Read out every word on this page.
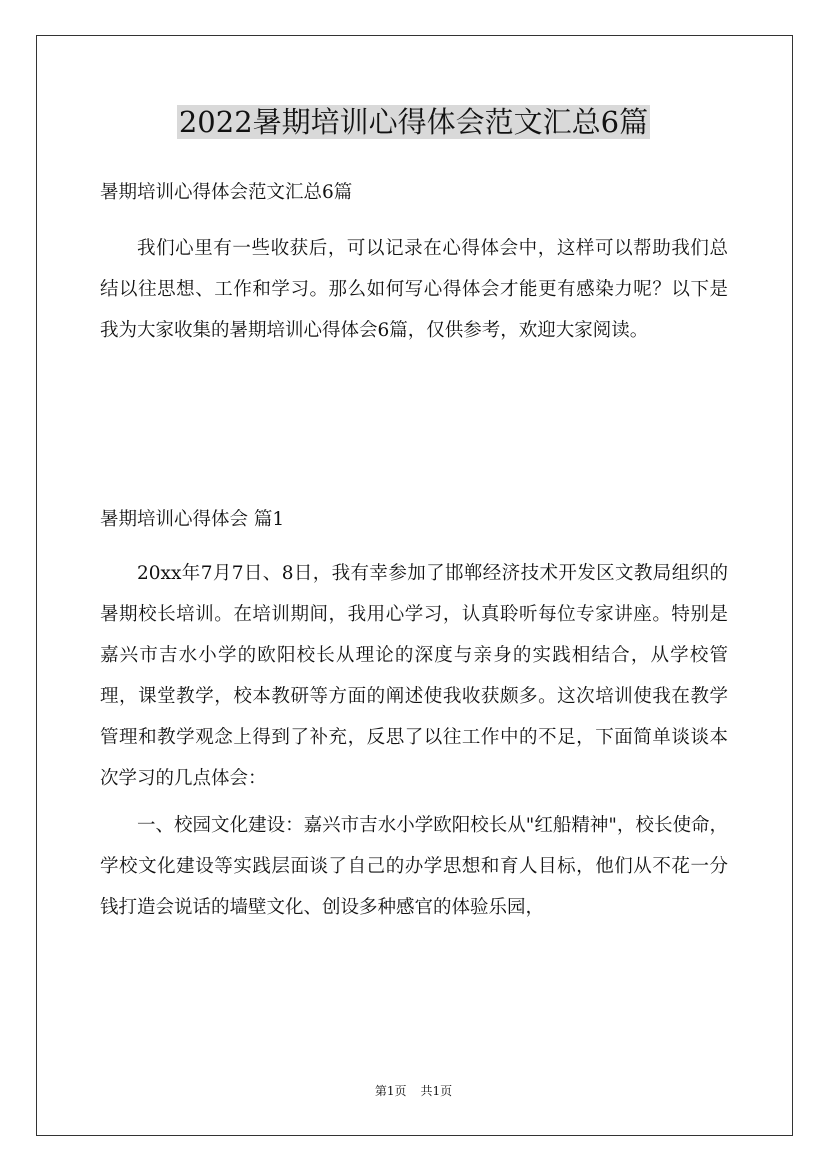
2022暑期培训心得体会范文汇总6篇

暑期培训心得体会范文汇总6篇

我们心里有一些收获后，可以记录在心得体会中，这样可以帮助我们总结以往思想、工作和学习。那么如何写心得体会才能更有感染力呢？以下是我为大家收集的暑期培训心得体会6篇，仅供参考，欢迎大家阅读。

暑期培训心得体会 篇1

20xx年7月7日、8日，我有幸参加了邯郸经济技术开发区文教局组织的暑期校长培训。在培训期间，我用心学习，认真聆听每位专家讲座。特别是嘉兴市吉水小学的欧阳校长从理论的深度与亲身的实践相结合，从学校管理，课堂教学，校本教研等方面的阐述使我收获颇多。这次培训使我在教学管理和教学观念上得到了补充，反思了以往工作中的不足，下面简单谈谈本次学习的几点体会：

一、校园文化建设：嘉兴市吉水小学欧阳校长从"红船精神"，校长使命，学校文化建设等实践层面谈了自己的办学思想和育人目标，他们从不花一分钱打造会说话的墙壁文化、创设多种感官的体验乐园，

第1页 共1页
